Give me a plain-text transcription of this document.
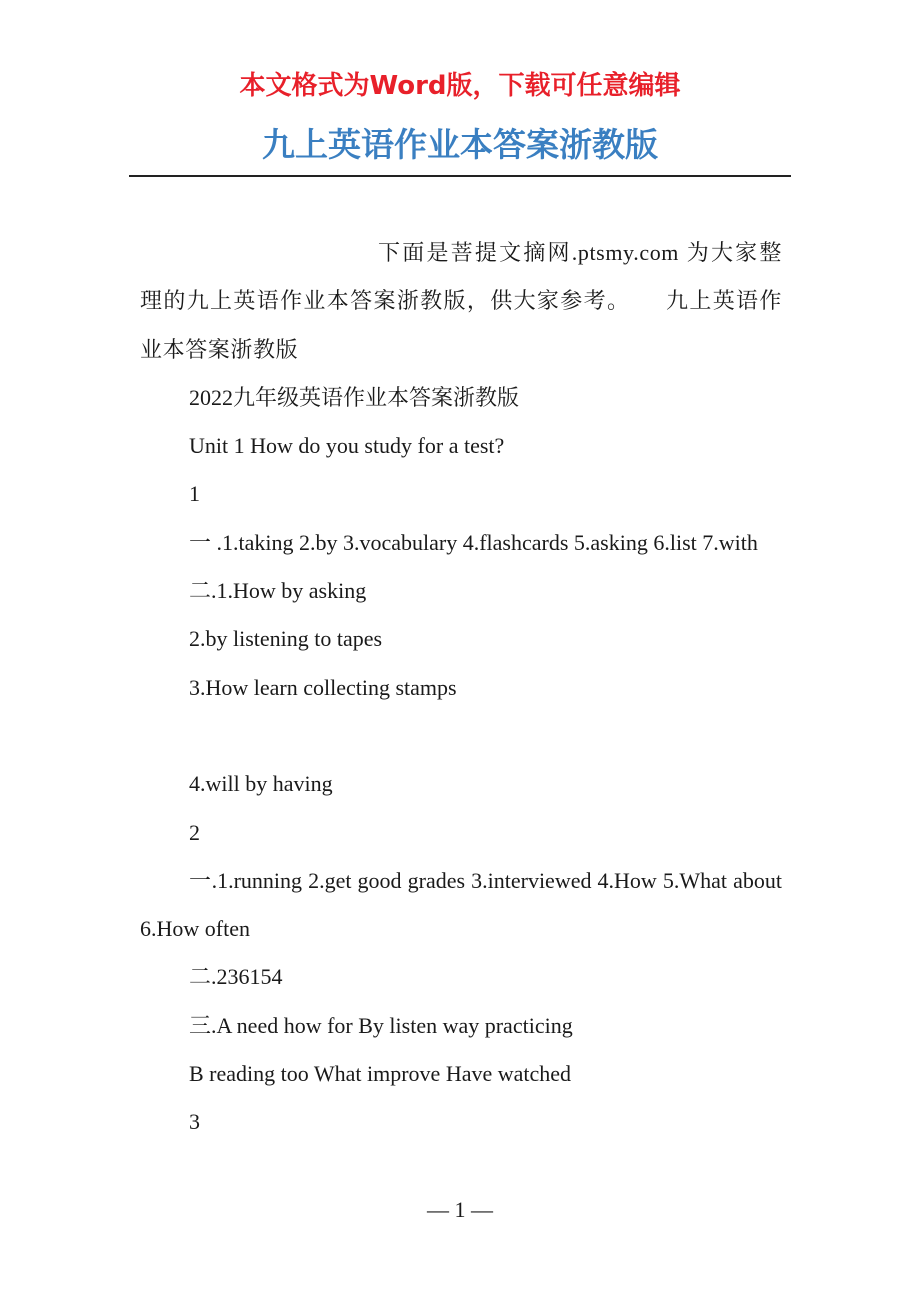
本文格式为Word版，下载可任意编辑
九上英语作业本答案浙教版

下面是菩提文摘网.ptsmy.com 为大家整理的九上英语作业本答案浙教版，供大家参考。　　九上英语作业本答案浙教版

2022九年级英语作业本答案浙教版

Unit 1 How do you study for a test?

1

一 .1.taking 2.by 3.vocabulary 4.flashcards 5.asking 6.list 7.with

二.1.How by asking

2.by listening to tapes

3.How learn collecting stamps

4.will by having

2

一.1.running 2.get good grades 3.interviewed 4.How 5.What about 6.How often

二.236154

三.A need how for By listen way practicing

B reading too What improve Have watched

3

— 1 —
